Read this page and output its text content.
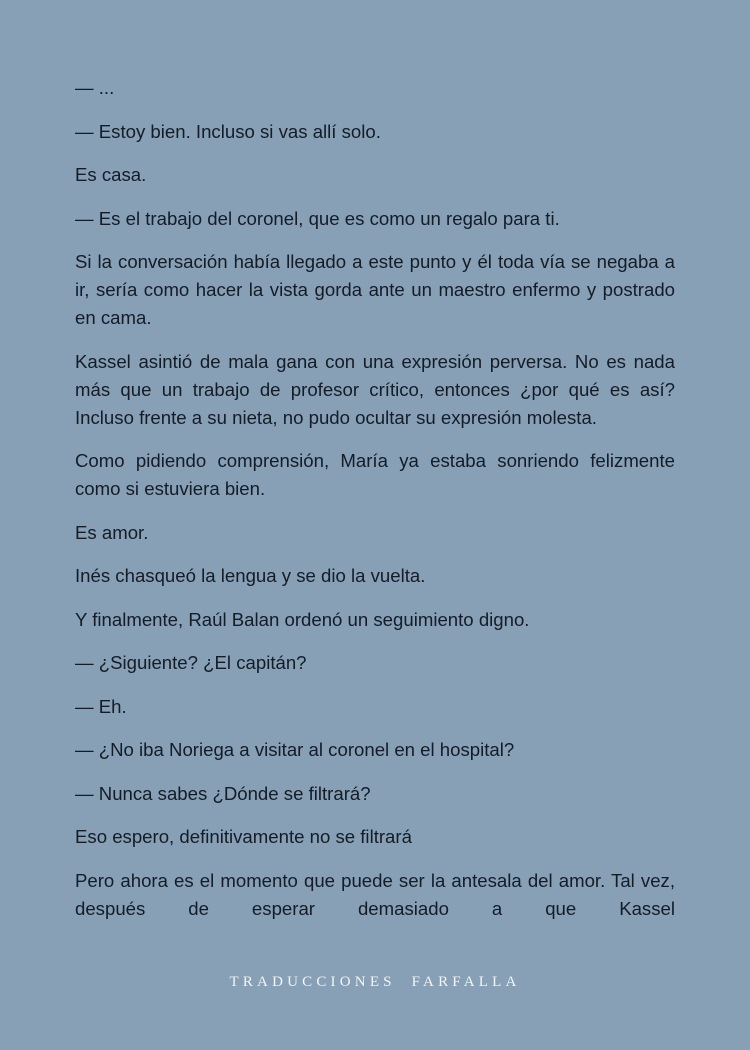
— ...

— Estoy bien. Incluso si vas allí solo.

Es casa.

— Es el trabajo del coronel, que es como un regalo para ti.

Si la conversación había llegado a este punto y él toda vía se negaba a ir, sería como hacer la vista gorda ante un maestro enfermo y postrado en cama.

Kassel asintió de mala gana con una expresión perversa. No es nada más que un trabajo de profesor crítico, entonces ¿por qué es así? Incluso frente a su nieta, no pudo ocultar su expresión molesta.

Como pidiendo comprensión, María ya estaba sonriendo felizmente como si estuviera bien.

Es amor.

Inés chasqueó la lengua y se dio la vuelta.

Y finalmente, Raúl Balan ordenó un seguimiento digno.

— ¿Siguiente? ¿El capitán?

— Eh.

— ¿No iba Noriega a visitar al coronel en el hospital?

— Nunca sabes ¿Dónde se filtrará?

Eso espero, definitivamente no se filtrará

Pero ahora es el momento que puede ser la antesala del amor. Tal vez, después de esperar demasiado a que Kassel

TRADUCCIONES  FARFALLA
